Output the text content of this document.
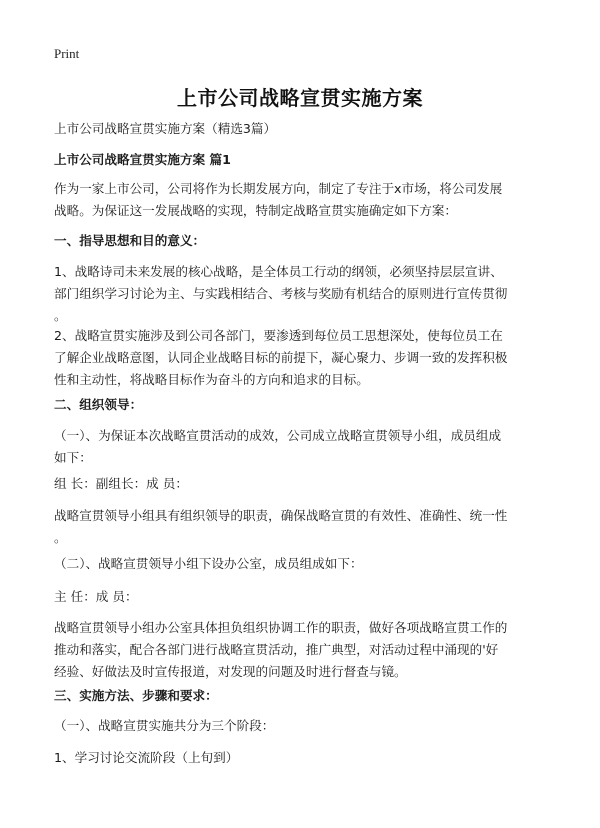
Print
上市公司战略宣贯实施方案
上市公司战略宣贯实施方案（精选3篇）
上市公司战略宣贯实施方案 篇1
作为一家上市公司，公司将作为长期发展方向，制定了专注于x市场，将公司发展
战略。为保证这一发展战略的实现，特制定战略宣贯实施确定如下方案：
一、指导思想和目的意义：
1、战略诗司未来发展的核心战略，是全体员工行动的纲领，必须坚持层层宣讲、
部门组织学习讨论为主、与实践相结合、考核与奖励有机结合的原则进行宣传贯彻
。
2、战略宣贯实施涉及到公司各部门，要渗透到每位员工思想深处，使每位员工在
了解企业战略意图，认同企业战略目标的前提下，凝心聚力、步调一致的发挥积极
性和主动性，将战略目标作为奋斗的方向和追求的目标。
二、组织领导：
（一）、为保证本次战略宣贯活动的成效，公司成立战略宣贯领导小组，成员组成
如下：
组 长：副组长：成 员：
战略宣贯领导小组具有组织领导的职责，确保战略宣贯的有效性、准确性、统一性
。
（二）、战略宣贯领导小组下设办公室，成员组成如下：
主 任：成 员：
战略宣贯领导小组办公室具体担负组织协调工作的职责，做好各项战略宣贯工作的
推动和落实，配合各部门进行战略宣贯活动，推广典型，对活动过程中涌现的'好
经验、好做法及时宣传报道，对发现的问题及时进行督查与镜。
三、实施方法、步骤和要求：
（一）、战略宣贯实施共分为三个阶段：
1、学习讨论交流阶段（上旬到）
